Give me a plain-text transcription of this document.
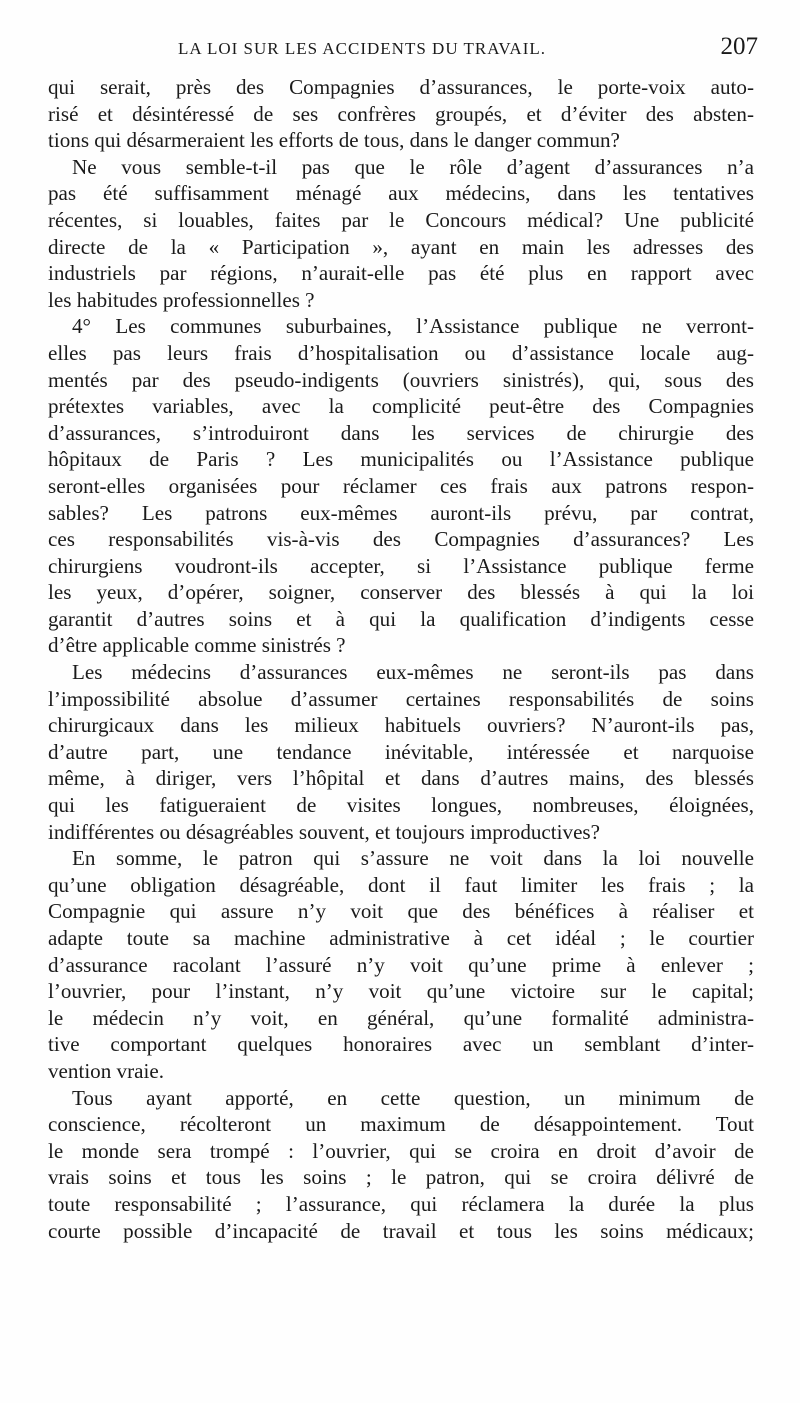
LA LOI SUR LES ACCIDENTS DU TRAVAIL.	207
qui serait, près des Compagnies d’assurances, le porte-voix auto-
risé et désintéressé de ses confrères groupés, et d’éviter des absten-
tions qui désarmeraient les efforts de tous, dans le danger commun?
Ne vous semble-t-il pas que le rôle d’agent d’assurances n’a
pas été suffisamment ménagé aux médecins, dans les tentatives
récentes, si louables, faites par le Concours médical? Une publicité
directe de la « Participation », ayant en main les adresses des
industriels par régions, n’aurait-elle pas été plus en rapport avec
les habitudes professionnelles ?
4° Les communes suburbaines, l’Assistance publique ne verront-
elles pas leurs frais d’hospitalisation ou d’assistance locale aug-
mentés par des pseudo-indigents (ouvriers sinistrés), qui, sous des
prétextes variables, avec la complicité peut-être des Compagnies
d’assurances, s’introduiront dans les services de chirurgie des
hôpitaux de Paris ? Les municipalités ou l’Assistance publique
seront-elles organisées pour réclamer ces frais aux patrons respon-
sables? Les patrons eux-mêmes auront-ils prévu, par contrat,
ces responsabilités vis-à-vis des Compagnies d’assurances? Les
chirurgiens voudront-ils accepter, si l’Assistance publique ferme
les yeux, d’opérer, soigner, conserver des blessés à qui la loi
garantit d’autres soins et à qui la qualification d’indigents cesse
d’être applicable comme sinistrés ?
Les médecins d’assurances eux-mêmes ne seront-ils pas dans
l’impossibilité absolue d’assumer certaines responsabilités de soins
chirurgicaux dans les milieux habituels ouvriers? N’auront-ils pas,
d’autre part, une tendance inévitable, intéressée et narquoise
même, à diriger, vers l’hôpital et dans d’autres mains, des blessés
qui les fatigueraient de visites longues, nombreuses, éloignées,
indifférentes ou désagréables souvent, et toujours improductives?
En somme, le patron qui s’assure ne voit dans la loi nouvelle
qu’une obligation désagréable, dont il faut limiter les frais ; la
Compagnie qui assure n’y voit que des bénéfices à réaliser et
adapte toute sa machine administrative à cet idéal ; le courtier
d’assurance racolant l’assuré n’y voit qu’une prime à enlever ;
l’ouvrier, pour l’instant, n’y voit qu’une victoire sur le capital;
le médecin n’y voit, en général, qu’une formalité administra-
tive comportant quelques honoraires avec un semblant d’inter-
vention vraie.
Tous ayant apporté, en cette question, un minimum de
conscience, récolteront un maximum de désappointement. Tout
le monde sera trompé : l’ouvrier, qui se croira en droit d’avoir de
vrais soins et tous les soins ; le patron, qui se croira délivré de
toute responsabilité ; l’assurance, qui réclamera la durée la plus
courte possible d’incapacité de travail et tous les soins médicaux;
